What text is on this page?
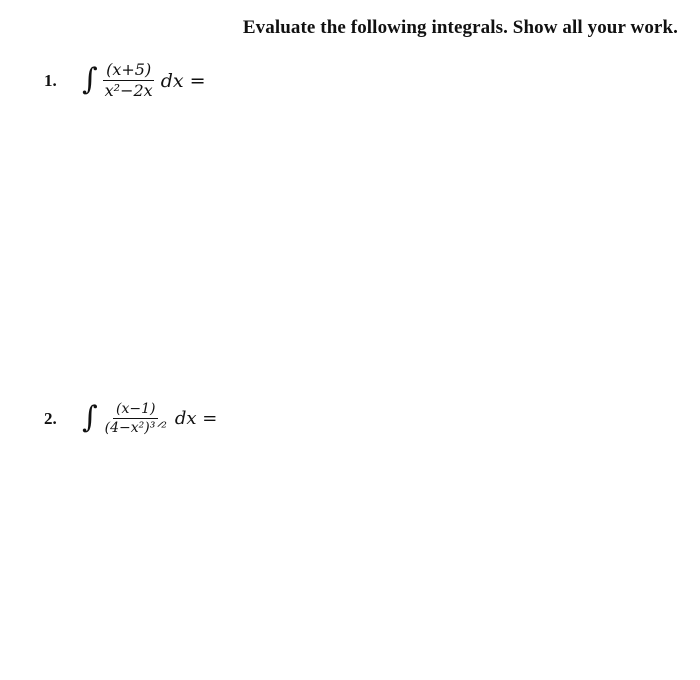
Evaluate the following integrals. Show all your work.
1. ∫ $\frac{(x+5)}{\text{x²−2x}}$ dx =
2. ∫ $\frac{(x-1)}{\text{(4−x²)³ᐟ²}}$ dx =
